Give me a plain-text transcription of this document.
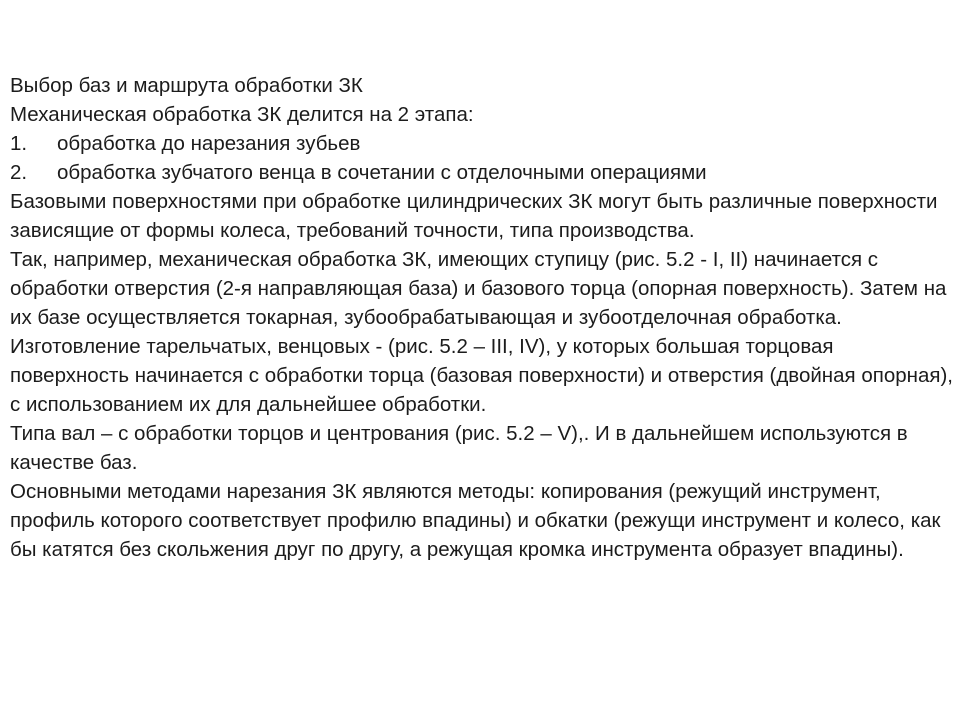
Выбор баз и маршрута обработки ЗК

Механическая обработка ЗК делится на 2 этапа:

1.	обработка до нарезания зубьев
2.	обработка зубчатого венца в сочетании с отделочными операциями

Базовыми поверхностями при обработке цилиндрических ЗК могут быть различные поверхности зависящие от формы колеса, требований точности, типа производства.

Так, например, механическая обработка ЗК, имеющих ступицу (рис. 5.2 - I, II) начинается с обработки отверстия (2-я направляющая база) и базового торца (опорная поверхность). Затем на их базе осуществляется токарная, зубообрабатывающая и зубоотделочная обработка.

Изготовление тарельчатых, венцовых - (рис. 5.2 – III, IV), у которых большая торцовая поверхность начинается с обработки торца (базовая поверхности) и отверстия (двойная опорная), с использованием их для дальнейшее обработки.

Типа вал – с обработки торцов и центрования (рис. 5.2 – V),. И в дальнейшем используются в качестве баз.

Основными методами нарезания ЗК являются методы: копирования (режущий инструмент, профиль которого соответствует профилю впадины) и обкатки (режущи инструмент и колесо, как бы катятся без скольжения друг по другу, а режущая кромка инструмента образует впадины).
